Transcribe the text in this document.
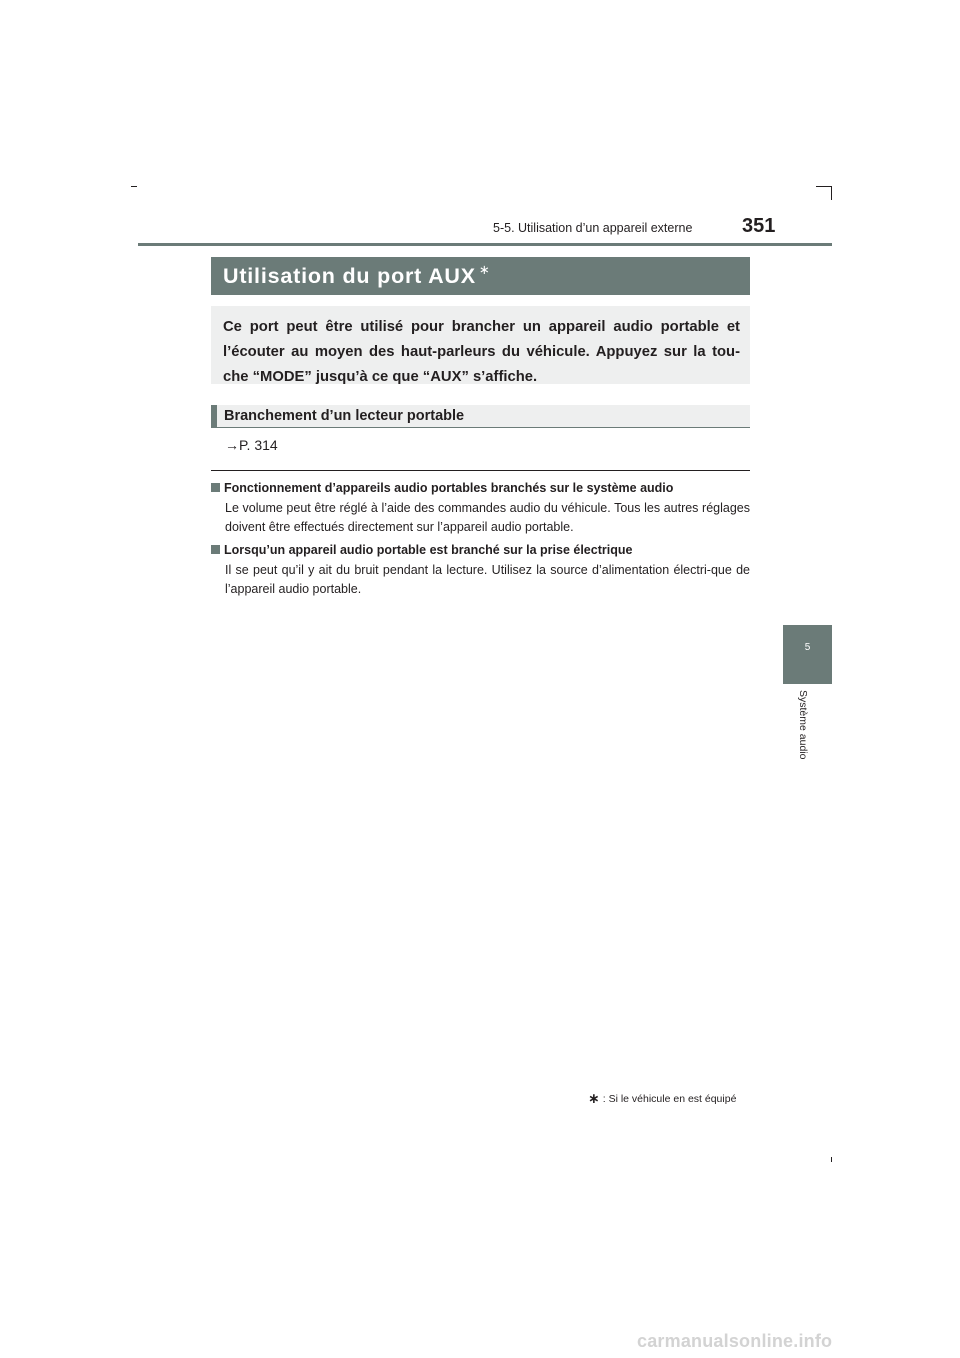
5-5. Utilisation d’un appareil externe 351
Utilisation du port AUX ∗
Ce port peut être utilisé pour brancher un appareil audio portable et l’écouter au moyen des haut-parleurs du véhicule. Appuyez sur la tou-che “MODE” jusqu’à ce que “AUX” s’affiche.
Branchement d’un lecteur portable
→P. 314
Fonctionnement d’appareils audio portables branchés sur le système audio
Le volume peut être réglé à l’aide des commandes audio du véhicule. Tous les autres réglages doivent être effectués directement sur l’appareil audio portable.
Lorsqu’un appareil audio portable est branché sur la prise électrique
Il se peut qu’il y ait du bruit pendant la lecture. Utilisez la source d’alimentation électri-que de l’appareil audio portable.
5
Système audio
∗ : Si le véhicule en est équipé
carmanualsonline.info
